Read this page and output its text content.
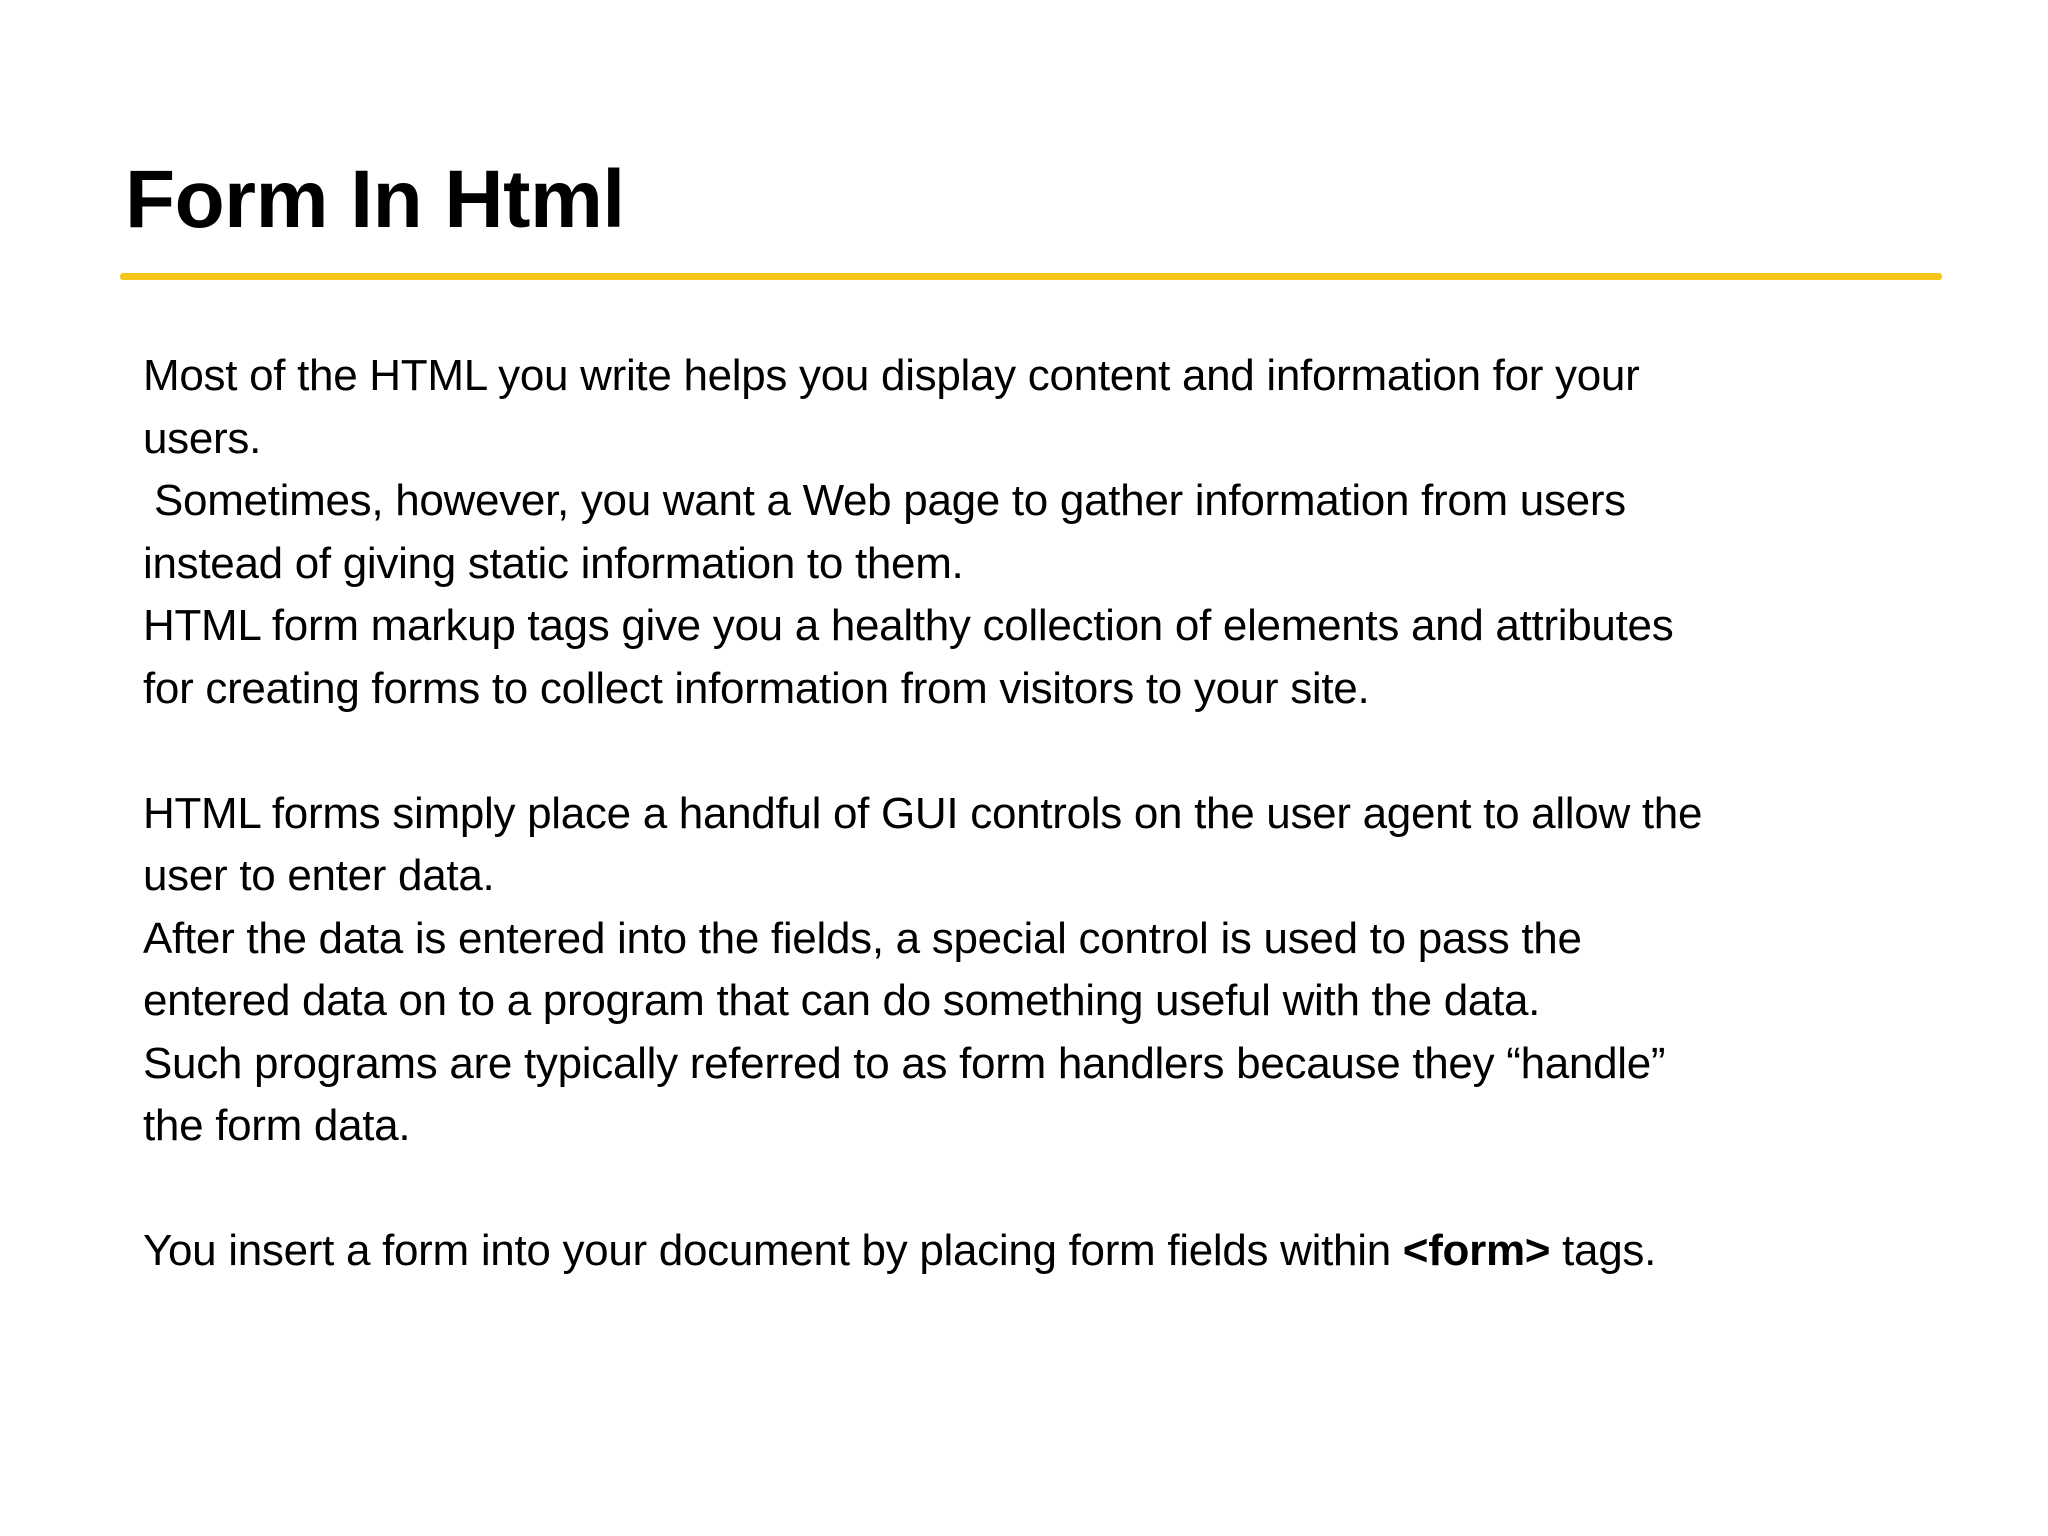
Form In Html
Most of the HTML you write helps you display content and information for your
users.
Sometimes, however, you want a Web page to gather information from users
instead of giving static information to them.
HTML form markup tags give you a healthy collection of elements and attributes
for creating forms to collect information from visitors to your site.
HTML forms simply place a handful of GUI controls on the user agent to allow the
user to enter data.
After the data is entered into the fields, a special control is used to pass the
entered data on to a program that can do something useful with the data.
Such programs are typically referred to as form handlers because they “handle”
the form data.
You insert a form into your document by placing form fields within <form> tags.
